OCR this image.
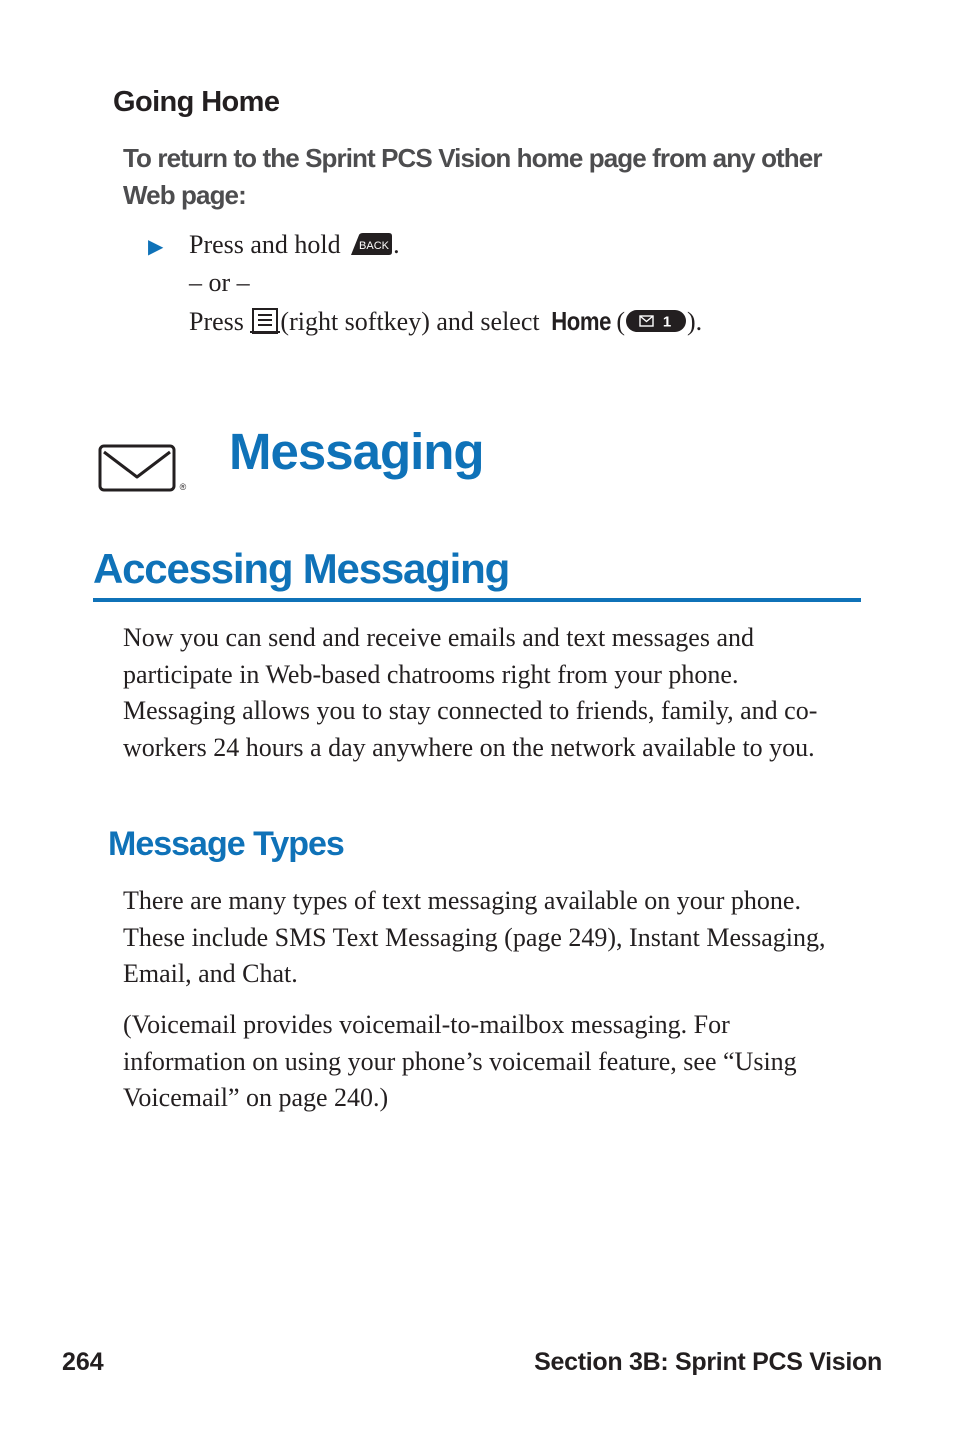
Going Home
To return to the Sprint PCS Vision home page from any other Web page:
▶ Press and hold BACK .
– or –
Press (right softkey) and select Home (	1 ).
®
Messaging
Accessing Messaging
Now you can send and receive emails and text messages and participate in Web-based chatrooms right from your phone. Messaging allows you to stay connected to friends, family, and co-workers 24 hours a day anywhere on the network available to you.
Message Types
There are many types of text messaging available on your phone. These include SMS Text Messaging (page 249), Instant Messaging, Email, and Chat.
(Voicemail provides voicemail-to-mailbox messaging. For information on using your phone’s voicemail feature, see “Using Voicemail” on page 240.)
264	Section 3B: Sprint PCS Vision
